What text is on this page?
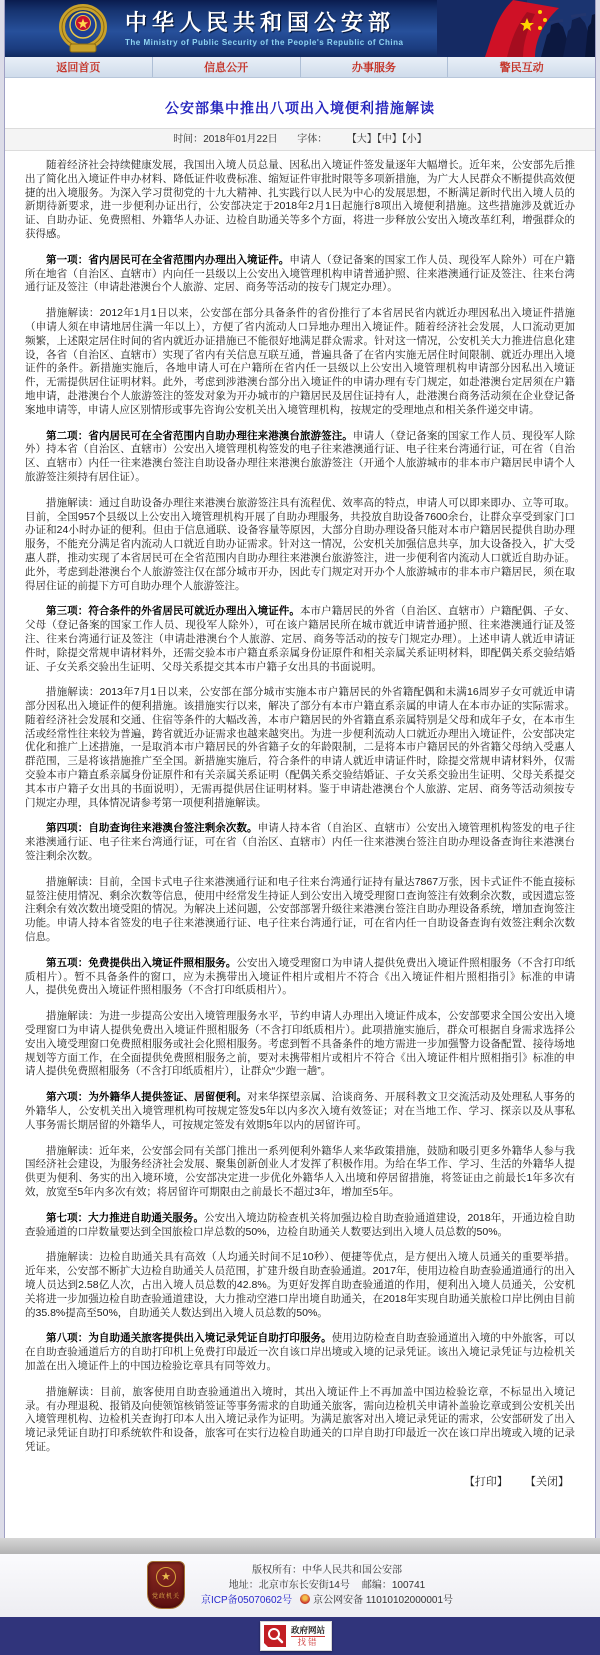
中华人民共和国公安部
The Ministry of Public Security of the People's Republic of China
返回首页	信息公开	办事服务	警民互动
公安部集中推出八项出入境便利措施解读
时间：2018年01月22日 字体： 【大】【中】【小】

随着经济社会持续健康发展，我国出入境人员总量、因私出入境证件签发量逐年大幅增长。近年来，公安部先后推出了简化出入境证件申办材料、降低证件收费标准、缩短证件审批时限等多项新措施，为广大人民群众不断提供高效便捷的出入境服务。为深入学习贯彻党的十九大精神、扎实践行以人民为中心的发展思想，不断满足新时代出入境人员的新期待新要求，进一步便利办证出行，公安部决定于2018年2月1日起施行8项出入境便利措施。这些措施涉及就近办证、自助办证、免费照相、外籍华人办证、边检自助通关等多个方面，将进一步释放公安出入境改革红利，增强群众的获得感。

第一项：省内居民可在全省范围内办理出入境证件。申请人（登记备案的国家工作人员、现役军人除外）可在户籍所在地省（自治区、直辖市）内向任一县级以上公安出入境管理机构申请普通护照、往来港澳通行证及签注、往来台湾通行证及签注（申请赴港澳台个人旅游、定居、商务等活动的按专门规定办理）。

措施解读：2012年1月1日以来，公安部在部分具备条件的省份推行了本省居民省内就近办理因私出入境证件措施（申请人须在申请地居住满一年以上），方便了省内流动人口异地办理出入境证件。随着经济社会发展，人口流动更加频繁，上述限定居住时间的省内就近办证措施已不能很好地满足群众需求。针对这一情况，公安机关大力推进信息化建设，各省（自治区、直辖市）实现了省内有关信息互联互通，普遍具备了在省内实施无居住时间限制、就近办理出入境证件的条件。新措施实施后，各地申请人可在户籍所在省内任一县级以上公安出入境管理机构申请部分因私出入境证件，无需提供居住证明材料。此外，考虑到涉港澳台部分出入境证件的申请办理有专门规定，如赴港澳台定居须在户籍地申请，赴港澳台个人旅游签注的签发对象为开办城市的户籍居民及居住证持有人，赴港澳台商务活动须在企业登记备案地申请等，申请人应区别情形或事先咨询公安机关出入境管理机构，按规定的受理地点和相关条件递交申请。

第二项：省内居民可在全省范围内自助办理往来港澳台旅游签注。申请人（登记备案的国家工作人员、现役军人除外）持本省（自治区、直辖市）公安出入境管理机构签发的电子往来港澳通行证、电子往来台湾通行证，可在省（自治区、直辖市）内任一往来港澳台签注自助设备办理往来港澳台旅游签注（开通个人旅游城市的非本市户籍居民申请个人旅游签注须持有居住证）。

措施解读：通过自助设备办理往来港澳台旅游签注具有流程优、效率高的特点，申请人可以即来即办、立等可取。目前，全国957个县级以上公安出入境管理机构开展了自助办理服务，共投放自助设备7600余台，让群众享受到家门口办证和24小时办证的便利。但由于信息通联、设备容量等原因，大部分自助办理设备只能对本市户籍居民提供自助办理服务，不能充分满足省内流动人口就近自助办证需求。针对这一情况，公安机关加强信息共享，加大设备投入，扩大受惠人群，推动实现了本省居民可在全省范围内自助办理往来港澳台旅游签注，进一步便利省内流动人口就近自助办证。此外，考虑到赴港澳台个人旅游签注仅在部分城市开办，因此专门规定对开办个人旅游城市的非本市户籍居民，须在取得居住证的前提下方可自助办理个人旅游签注。

第三项：符合条件的外省居民可就近办理出入境证件。本市户籍居民的外省（自治区、直辖市）户籍配偶、子女、父母（登记备案的国家工作人员、现役军人除外），可在该户籍居民所在城市就近申请普通护照、往来港澳通行证及签注、往来台湾通行证及签注（申请赴港澳台个人旅游、定居、商务等活动的按专门规定办理）。上述申请人就近申请证件时，除提交常规申请材料外，还需交验本市户籍直系亲属身份证原件和相关亲属关系证明材料，即配偶关系交验结婚证、子女关系交验出生证明、父母关系提交其本市户籍子女出具的书面说明。

措施解读：2013年7月1日以来，公安部在部分城市实施本市户籍居民的外省籍配偶和未满16周岁子女可就近申请部分因私出入境证件的便利措施。该措施实行以来，解决了部分有本市户籍直系亲属的申请人在本市办证的实际需求。随着经济社会发展和交通、住宿等条件的大幅改善，本市户籍居民的外省籍直系亲属特别是父母和成年子女，在本市生活或经常性往来较为普遍，跨省就近办证需求也越来越突出。为进一步便利流动人口就近办理出入境证件，公安部决定优化和推广上述措施，一是取消本市户籍居民的外省籍子女的年龄限制，二是将本市户籍居民的外省籍父母纳入受惠人群范围，三是将该措施推广至全国。新措施实施后，符合条件的申请人就近申请证件时，除提交常规申请材料外，仅需交验本市户籍直系亲属身份证原件和有关亲属关系证明（配偶关系交验结婚证、子女关系交验出生证明、父母关系提交其本市户籍子女出具的书面说明），无需再提供居住证明材料。鉴于申请赴港澳台个人旅游、定居、商务等活动须按专门规定办理，具体情况请参考第一项便利措施解读。

第四项：自助查询往来港澳台签注剩余次数。申请人持本省（自治区、直辖市）公安出入境管理机构签发的电子往来港澳通行证、电子往来台湾通行证，可在省（自治区、直辖市）内任一往来港澳台签注自助办理设备查询往来港澳台签注剩余次数。

措施解读：目前，全国卡式电子往来港澳通行证和电子往来台湾通行证持有量达7867万张，因卡式证件不能直接标显签注使用情况、剩余次数等信息，使用中经常发生持证人到公安出入境受理窗口查询签注有效剩余次数，或因遗忘签注剩余有效次数出境受阻的情况。为解决上述问题，公安部部署升级往来港澳台签注自助办理设备系统，增加查询签注功能。申请人持本省签发的电子往来港澳通行证、电子往来台湾通行证，可在省内任一自助设备查询有效签注剩余次数信息。

第五项：免费提供出入境证件照相服务。公安出入境受理窗口为申请人提供免费出入境证件照相服务（不含打印纸质相片）。暂不具备条件的窗口，应为未携带出入境证件相片或相片不符合《出入境证件相片照相指引》标准的申请人，提供免费出入境证件照相服务（不含打印纸质相片）。

措施解读：为进一步提高公安出入境管理服务水平，节约申请人办理出入境证件成本，公安部要求全国公安出入境受理窗口为申请人提供免费出入境证件照相服务（不含打印纸质相片）。此项措施实施后，群众可根据自身需求选择公安出入境受理窗口免费照相服务或社会化照相服务。考虑到暂不具备条件的地方需进一步加强警力设备配置、接待场地规划等方面工作，在全面提供免费照相服务之前，要对未携带相片或相片不符合《出入境证件相片照相指引》标准的申请人提供免费照相服务（不含打印纸质相片），让群众“少跑一趟”。

第六项：为外籍华人提供签证、居留便利。对来华探望亲属、洽谈商务、开展科教文卫交流活动及处理私人事务的外籍华人，公安机关出入境管理机构可按规定签发5年以内多次入境有效签证；对在当地工作、学习、探亲以及从事私人事务需长期居留的外籍华人，可按规定签发有效期5年以内的居留许可。

措施解读：近年来，公安部会同有关部门推出一系列便利外籍华人来华政策措施，鼓励和吸引更多外籍华人参与我国经济社会建设，为服务经济社会发展、聚集创新创业人才发挥了积极作用。为给在华工作、学习、生活的外籍华人提供更为便利、务实的出入境环境，公安部决定进一步优化外籍华人入出境和停居留措施，将签证由之前最长1年多次有效，放宽至5年内多次有效；将居留许可期限由之前最长不超过3年，增加至5年。

第七项：大力推进自助通关服务。公安出入境边防检查机关将加强边检自助查验通道建设，2018年，开通边检自助查验通道的口岸数量要达到全国旅检口岸总数的50%，边检自助通关人数要达到出入境人员总数的50%。

措施解读：边检自助通关具有高效（人均通关时间不足10秒）、便捷等优点，是方便出入境人员通关的重要举措。近年来，公安部不断扩大边检自助通关人员范围，扩建升级自助查验通道。2017年，使用边检自助查验通道通行的出入境人员达到2.58亿人次，占出入境人员总数的42.8%。为更好发挥自助查验通道的作用，便利出入境人员通关，公安机关将进一步加强边检自助查验通道建设，大力推动空港口岸出境自助通关，在2018年实现自助通关旅检口岸比例由目前的35.8%提高至50%，自助通关人数达到出入境人员总数的50%。

第八项：为自助通关旅客提供出入境记录凭证自助打印服务。使用边防检查自助查验通道出入境的中外旅客，可以在自助查验通道后方的自助打印机上免费打印最近一次自该口岸出境或入境的记录凭证。该出入境记录凭证与边检机关加盖在出入境证件上的中国边检验讫章具有同等效力。

措施解读：目前，旅客使用自助查验通道出入境时，其出入境证件上不再加盖中国边检验讫章，不标显出入境记录。有办理退税、报销及向使领馆核销签证等事务需求的自助通关旅客，需向边检机关申请补盖验讫章或到公安机关出入境管理机构、边检机关查询打印本人出入境记录作为证明。为满足旅客对出入境记录凭证的需求，公安部研发了出入境记录凭证自助打印系统软件和设备，旅客可在实行边检自助通关的口岸自助打印最近一次在该口岸出境或入境的记录凭证。

【打印】 【关闭】
★
党政机关
版权所有：中华人民共和国公安部
地址：北京市东长安街14号 邮编：100741
京ICP备05070602号 京公网安备 11010102000001号
政府网站
找错
